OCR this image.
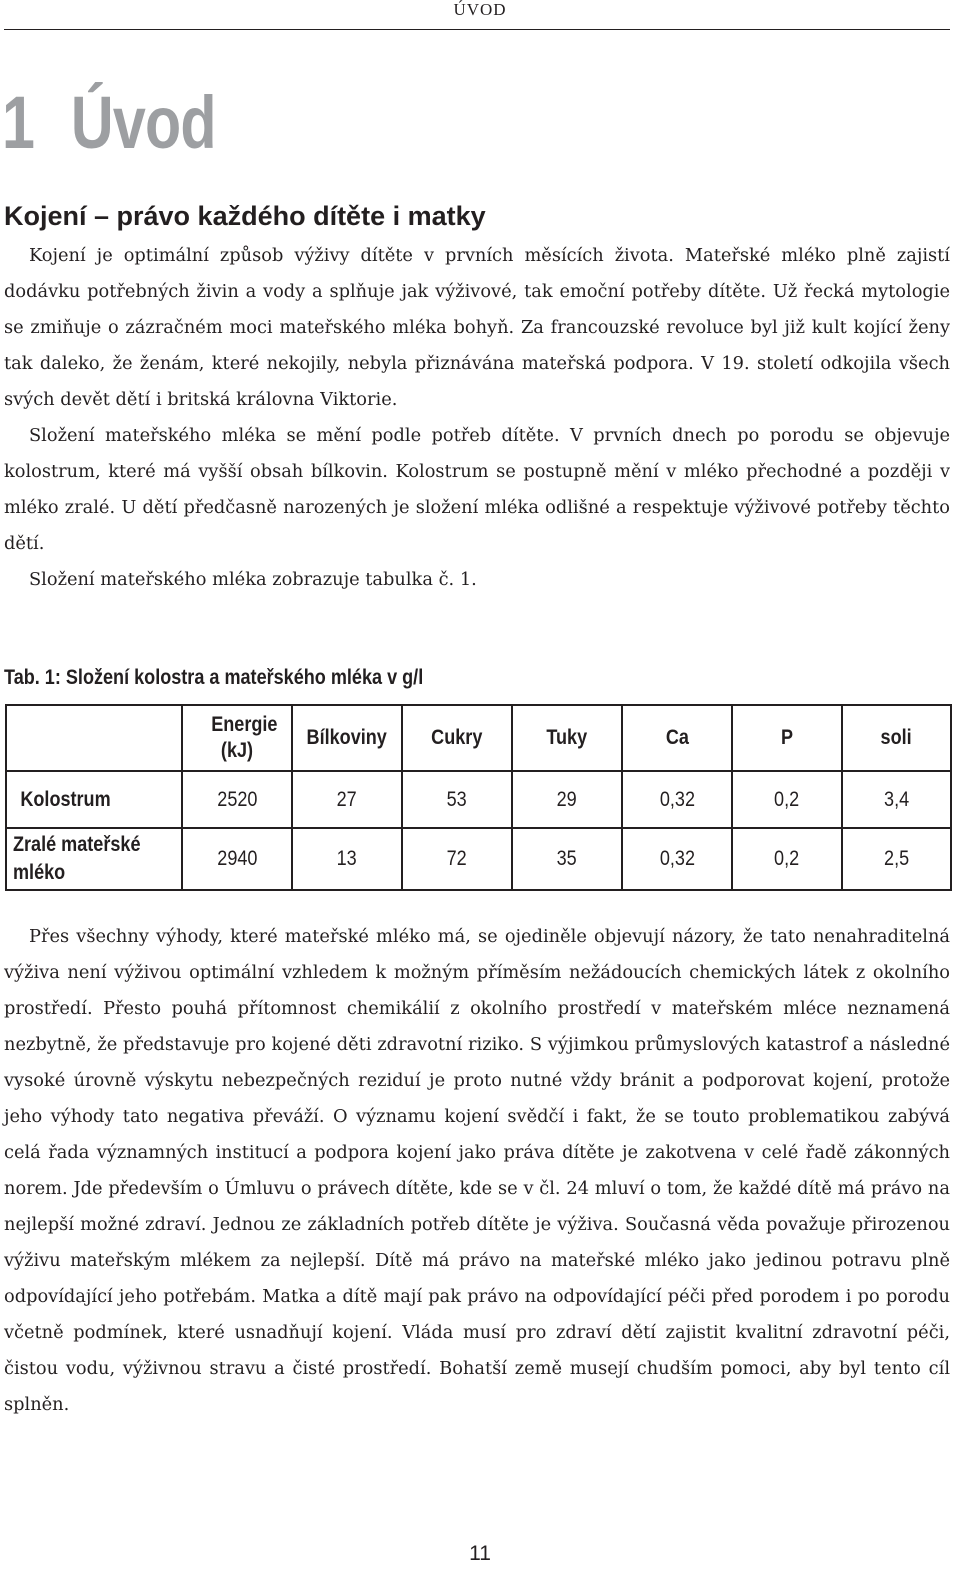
ÚVOD
1 Úvod
Kojení – právo každého dítěte i matky

Kojení je optimální způsob výživy dítěte v prvních měsících života. Mateřské mléko plně zajistí dodávku potřebných živin a vody a splňuje jak výživové, tak emoční potřeby dítěte. Už řecká mytologie se zmiňuje o zázračném moci mateřského mléka bohyň. Za francouzské revoluce byl již kult kojící ženy tak daleko, že ženám, které nekojily, nebyla přiznávána mateřská podpora. V 19. století odkojila všech svých devět dětí i britská královna Viktorie.

Složení mateřského mléka se mění podle potřeb dítěte. V prvních dnech po porodu se objevuje kolostrum, které má vyšší obsah bílkovin. Kolostrum se postupně mění v mléko přechodné a později v mléko zralé. U dětí předčasně narozených je složení mléka odlišné a respektuje výživové potřeby těchto dětí.

Složení mateřského mléka zobrazuje tabulka č. 1.

Tab. 1: Složení kolostra a mateřského mléka v g/l
	Energie (kJ)	Bílkoviny	Cukry	Tuky	Ca	P	soli
Kolostrum	2520	27	53	29	0,32	0,2	3,4
Zralé mateřské mléko	2940	13	72	35	0,32	0,2	2,5

Přes všechny výhody, které mateřské mléko má, se ojediněle objevují názory, že tato nenahraditelná výživa není výživou optimální vzhledem k možným příměsím nežádoucích chemických látek z okolního prostředí. Přesto pouhá přítomnost chemikálií z okolního prostředí v mateřském mléce neznamená nezbytně, že představuje pro kojené děti zdravotní riziko. S výjimkou průmyslových katastrof a následné vysoké úrovně výskytu nebezpečných reziduí je proto nutné vždy bránit a podporovat kojení, protože jeho výhody tato negativa převáží. O významu kojení svědčí i fakt, že se touto problematikou zabývá celá řada významných institucí a podpora kojení jako práva dítěte je zakotvena v celé řadě zákonných norem. Jde především o Úmluvu o právech dítěte, kde se v čl. 24 mluví o tom, že každé dítě má právo na nejlepší možné zdraví. Jednou ze základních potřeb dítěte je výživa. Současná věda považuje přirozenou výživu mateřským mlékem za nejlepší. Dítě má právo na mateřské mléko jako jedinou potravu plně odpovídající jeho potřebám. Matka a dítě mají pak právo na odpovídající péči před porodem i po porodu včetně podmínek, které usnadňují kojení. Vláda musí pro zdraví dětí zajistit kvalitní zdravotní péči, čistou vodu, výživnou stravu a čisté prostředí. Bohatší země musejí chudším pomoci, aby byl tento cíl splněn.

11
